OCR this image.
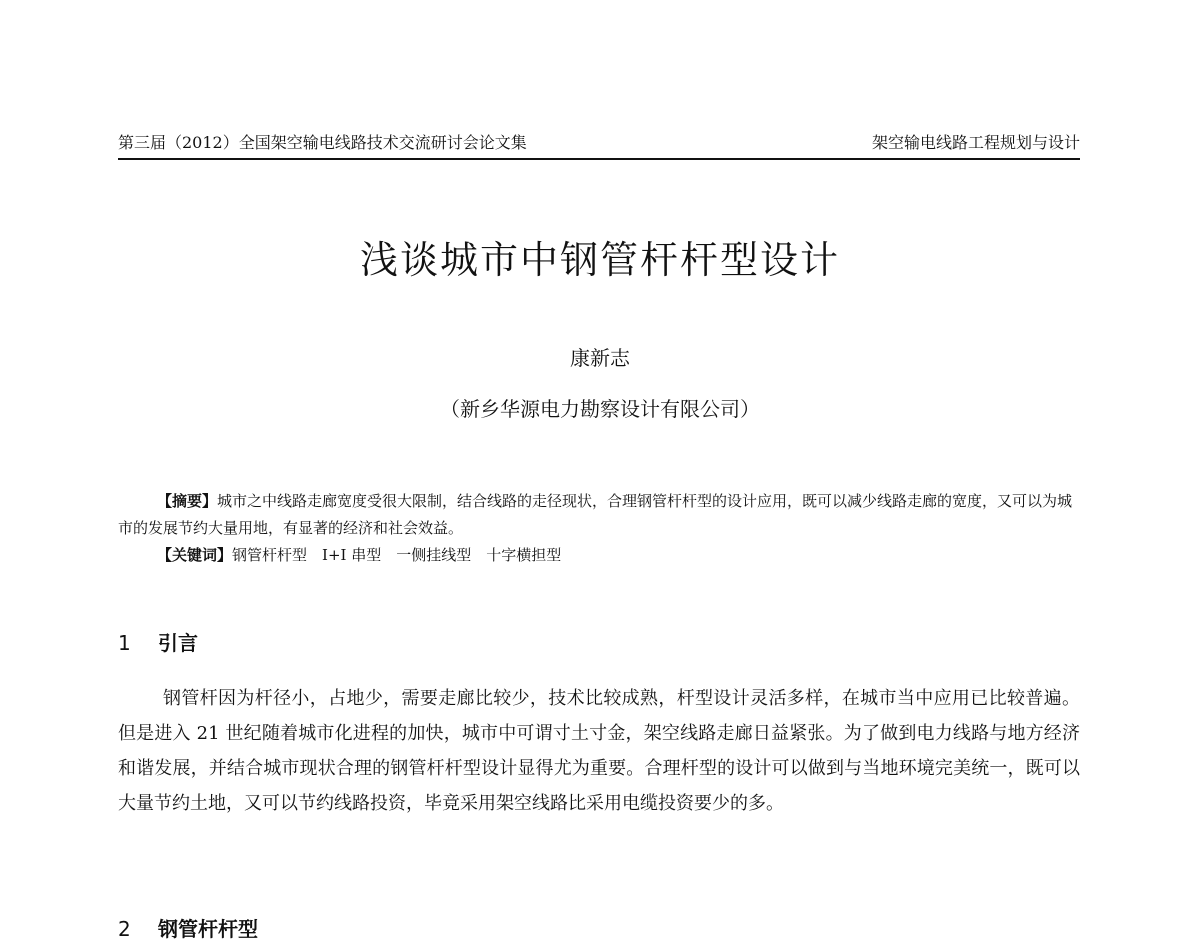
第三届（2012）全国架空输电线路技术交流研讨会论文集	架空输电线路工程规划与设计
浅谈城市中钢管杆杆型设计
康新志
（新乡华源电力勘察设计有限公司）

【摘要】城市之中线路走廊宽度受很大限制，结合线路的走径现状，合理钢管杆杆型的设计应用，既可以减少线路走廊的宽度，又可以为城市的发展节约大量用地，有显著的经济和社会效益。

【关键词】钢管杆杆型　I+I 串型　一侧挂线型　十字横担型

1 引言

钢管杆因为杆径小，占地少，需要走廊比较少，技术比较成熟，杆型设计灵活多样，在城市当中应用已比较普遍。但是进入 21 世纪随着城市化进程的加快，城市中可谓寸土寸金，架空线路走廊日益紧张。为了做到电力线路与地方经济和谐发展，并结合城市现状合理的钢管杆杆型设计显得尤为重要。合理杆型的设计可以做到与当地环境完美统一，既可以大量节约土地，又可以节约线路投资，毕竟采用架空线路比采用电缆投资要少的多。

2 钢管杆杆型
